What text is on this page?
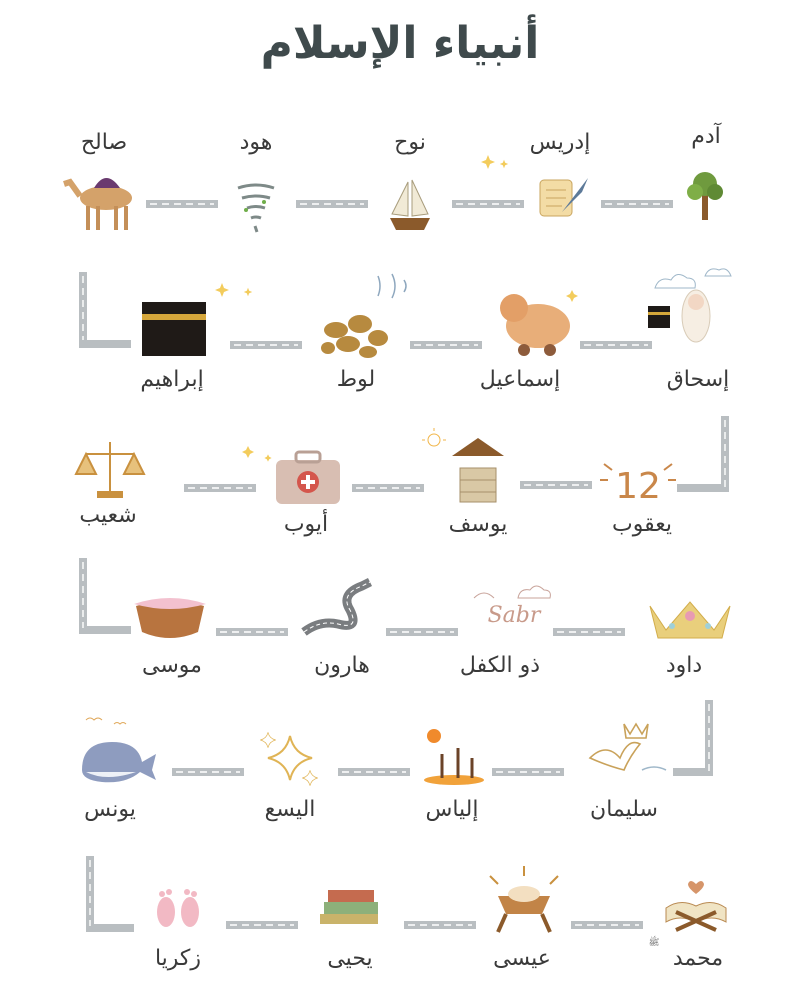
أنبياء الإسلام
12
Sabr
آدم
إدريس
نوح
هود
صالح
إسحاق
إسماعيل
لوط
إبراهيم
يعقوب
يوسف
أيوب
شعيب
داود
ذو الكفل
هارون
موسى
سليمان
إلياس
اليسع
يونس
محمد
ﷺ
عيسى
يحيى
زكريا
